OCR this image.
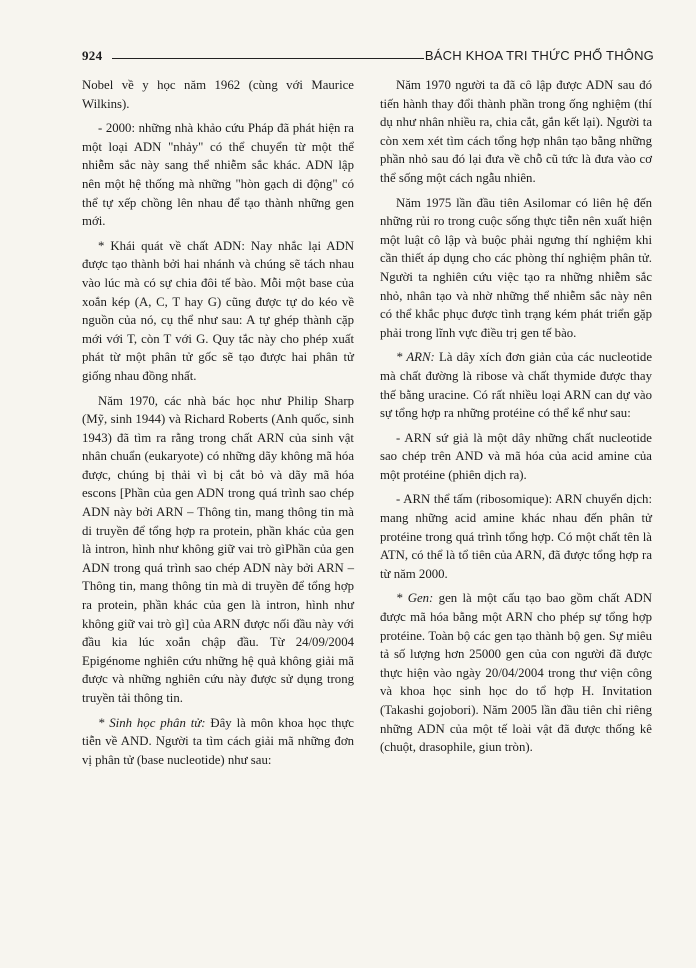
924	BÁCH KHOA TRI THỨC PHỔ THÔNG

Nobel về y học năm 1962 (cùng với Maurice Wilkins).

- 2000: những nhà khảo cứu Pháp đã phát hiện ra một loại ADN "nhảy" có thể chuyển từ một thể nhiễm sắc này sang thể nhiễm sắc khác. ADN lập nên một hệ thống mà những "hòn gạch di động" có thể tự xếp chồng lên nhau để tạo thành những gen mới.

* Khái quát về chất ADN: Nay nhắc lại ADN được tạo thành bởi hai nhánh và chúng sẽ tách nhau vào lúc mà có sự chia đôi tế bào. Mỗi một base của xoắn kép (A, C, T hay G) cũng được tự do kéo về nguồn của nó, cụ thể như sau: A tự ghép thành cặp mới với T, còn T với G. Quy tắc này cho phép xuất phát từ một phân tử gốc sẽ tạo được hai phân tử giống nhau đồng nhất.

Năm 1970, các nhà bác học như Philip Sharp (Mỹ, sinh 1944) và Richard Roberts (Anh quốc, sinh 1943) đã tìm ra rằng trong chất ARN của sinh vật nhân chuẩn (eukaryote) có những dãy không mã hóa được, chúng bị thải vì bị cắt bỏ và dãy mã hóa escons [Phần của gen ADN trong quá trình sao chép ADN này bởi ARN – Thông tin, mang thông tin mà di truyền để tổng hợp ra protein, phần khác của gen là intron, hình như không giữ vai trò gìPhần của gen ADN trong quá trình sao chép ADN này bởi ARN – Thông tin, mang thông tin mà di truyền để tổng hợp ra protein, phần khác của gen là intron, hình như không giữ vai trò gì] của ARN được nối đầu này với đầu kia lúc xoắn chập đầu. Từ 24/09/2004 Epigénome nghiên cứu những hệ quả không giải mã được và những nghiên cứu này được sử dụng trong truyền tải thông tin.

* Sinh học phân tử: Đây là môn khoa học thực tiễn về AND. Người ta tìm cách giải mã những đơn vị phân tử (base nucleotide) như sau:

Năm 1970 người ta đã cô lập được ADN sau đó tiến hành thay đổi thành phần trong ống nghiệm (thí dụ như nhân nhiều ra, chia cắt, gắn kết lại). Người ta còn xem xét tìm cách tổng hợp nhân tạo bằng những phần nhỏ sau đó lại đưa về chỗ cũ tức là đưa vào cơ thể sống một cách ngẫu nhiên.

Năm 1975 lần đầu tiên Asilomar có liên hệ đến những rủi ro trong cuộc sống thực tiễn nên xuất hiện một luật cô lập và buộc phải ngưng thí nghiệm khi cần thiết áp dụng cho các phòng thí nghiệm phân tử. Người ta nghiên cứu việc tạo ra những nhiễm sắc nhỏ, nhân tạo và nhờ những thể nhiễm sắc này nên có thể khắc phục được tình trạng kém phát triển gặp phải trong lĩnh vực điều trị gen tế bào.

* ARN: Là dây xích đơn giản của các nucleotide mà chất đường là ribose và chất thymide được thay thế bằng uracine. Có rất nhiều loại ARN can dự vào sự tổng hợp ra những protéine có thể kể như sau:

- ARN sứ giả là một dây những chất nucleotide sao chép trên AND và mã hóa của acid amine của một protéine (phiên dịch ra).

- ARN thể tấm (ribosomique): ARN chuyển dịch: mang những acid amine khác nhau đến phân tử protéine trong quá trình tổng hợp. Có một chất tên là ATN, có thể là tổ tiên của ARN, đã được tổng hợp ra từ năm 2000.

* Gen: gen là một cấu tạo bao gồm chất ADN được mã hóa bằng một ARN cho phép sự tổng hợp protéine. Toàn bộ các gen tạo thành bộ gen. Sự miêu tả số lượng hơn 25000 gen của con người đã được thực hiện vào ngày 20/04/2004 trong thư viện công và khoa học sinh học do tổ hợp H. Invitation (Takashi gojobori). Năm 2005 lần đầu tiên chỉ riêng những ADN của một tế loài vật đã được thống kê (chuột, drasophile, giun tròn).
